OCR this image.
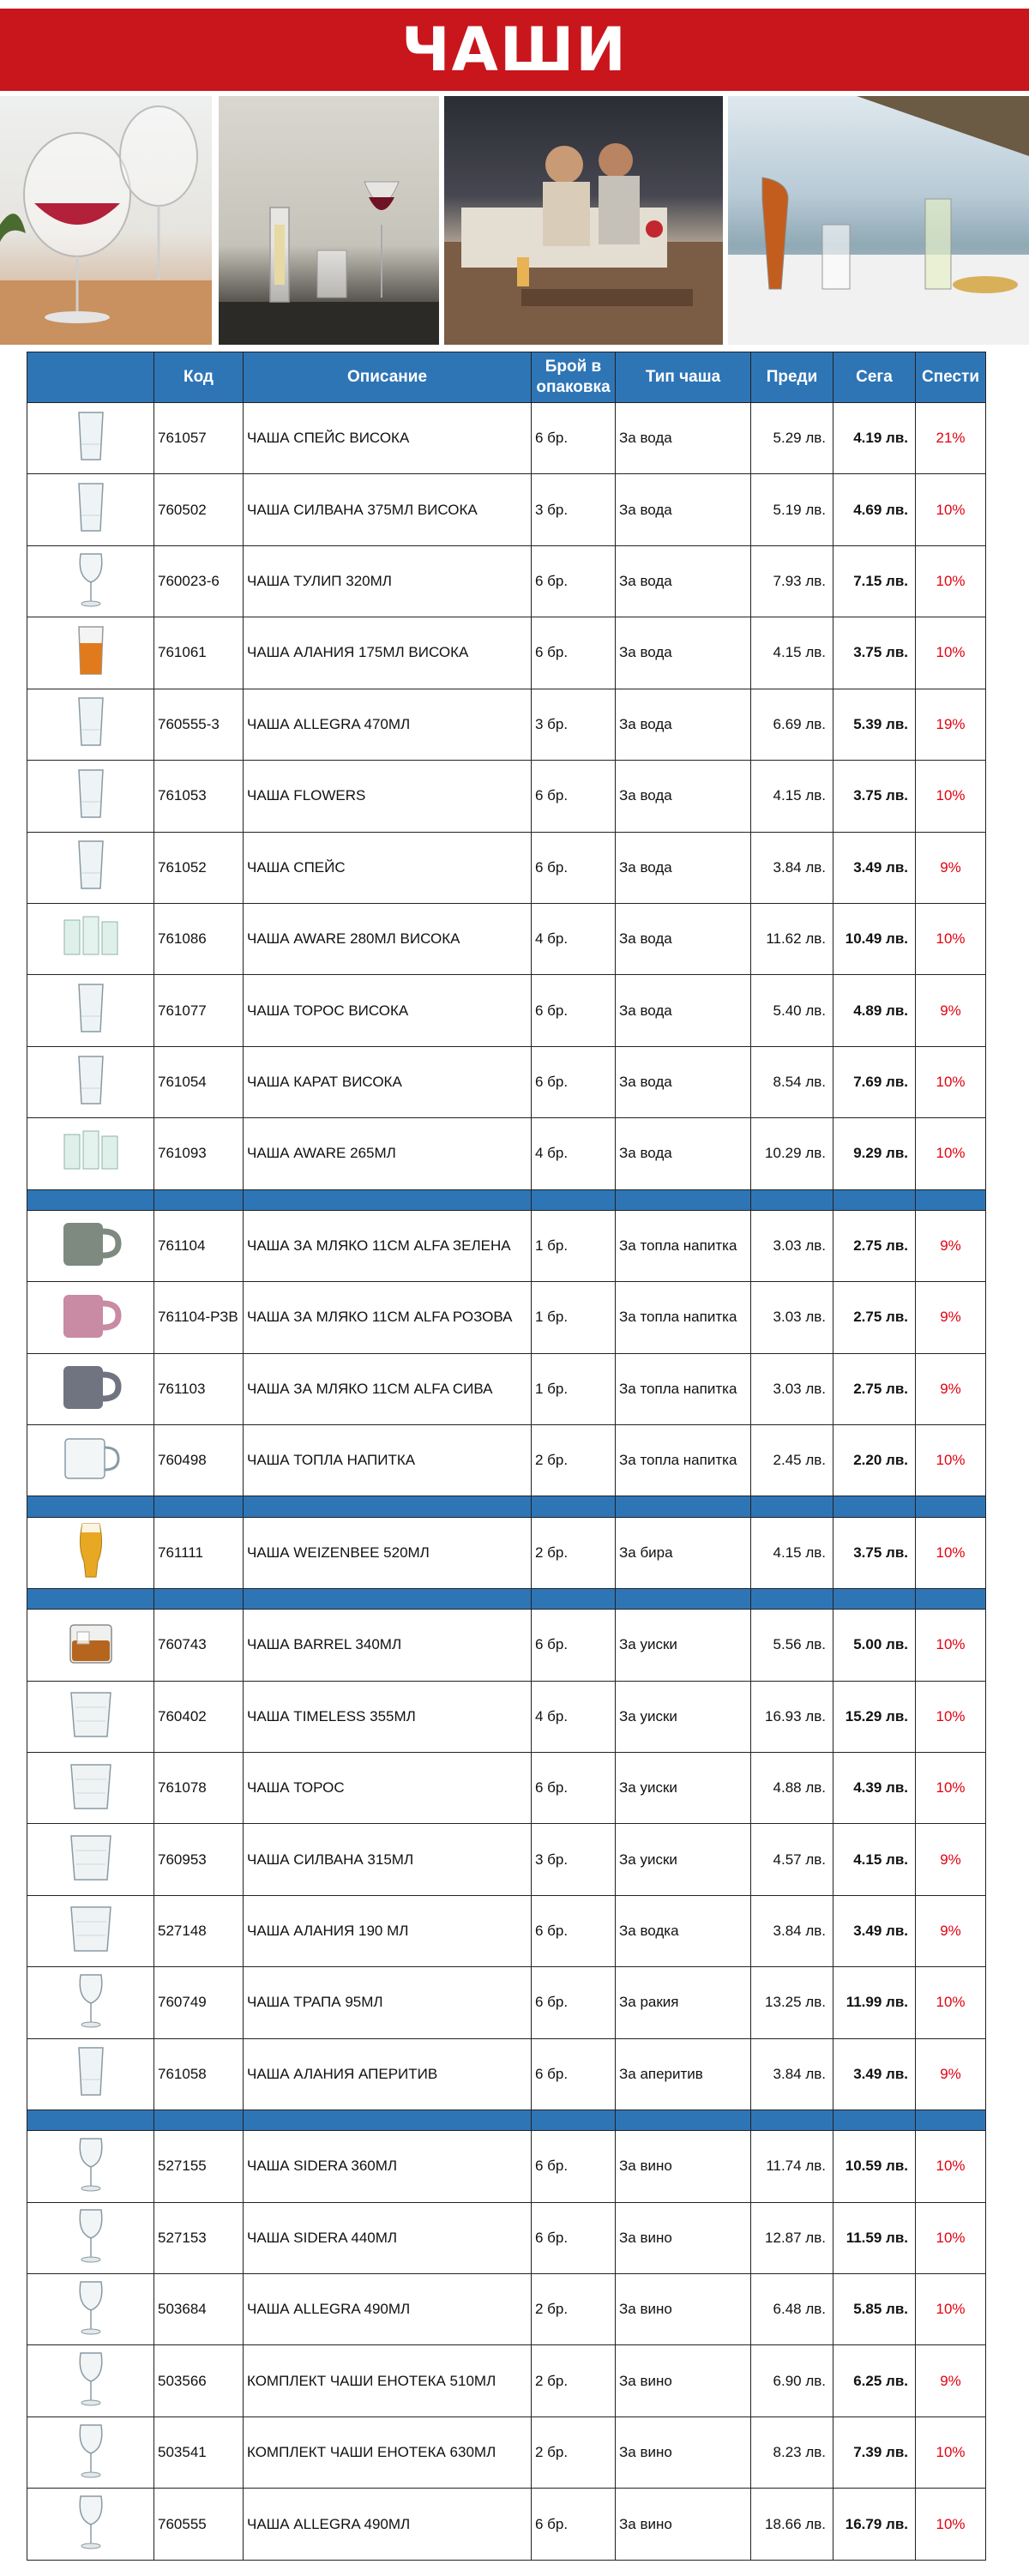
ЧАШИ
	Код	Описание	Брой в опаковка	Тип чаша	Преди	Сега	Спести
	761057	ЧАША СПЕЙС ВИСОКА	6 бр.	За вода	5.29 лв.	4.19 лв.	21%
	760502	ЧАША СИЛВАНА 375МЛ ВИСОКА	3 бр.	За вода	5.19 лв.	4.69 лв.	10%
	760023-6	ЧАША ТУЛИП 320МЛ	6 бр.	За вода	7.93 лв.	7.15 лв.	10%
	761061	ЧАША АЛАНИЯ 175МЛ ВИСОКА	6 бр.	За вода	4.15 лв.	3.75 лв.	10%
	760555-3	ЧАША ALLEGRA 470МЛ	3 бр.	За вода	6.69 лв.	5.39 лв.	19%
	761053	ЧАША FLOWERS	6 бр.	За вода	4.15 лв.	3.75 лв.	10%
	761052	ЧАША СПЕЙС	6 бр.	За вода	3.84 лв.	3.49 лв.	9%
	761086	ЧАША AWARE 280МЛ ВИСОКА	4 бр.	За вода	11.62 лв.	10.49 лв.	10%
	761077	ЧАША ТОРОС ВИСОКА	6 бр.	За вода	5.40 лв.	4.89 лв.	9%
	761054	ЧАША КАРАТ ВИСОКА	6 бр.	За вода	8.54 лв.	7.69 лв.	10%
	761093	ЧАША AWARE 265МЛ	4 бр.	За вода	10.29 лв.	9.29 лв.	10%

	761104	ЧАША ЗА МЛЯКО 11СМ ALFA ЗЕЛЕНА	1 бр.	За топла напитка	3.03 лв.	2.75 лв.	9%
	761104-РЗВ	ЧАША ЗА МЛЯКО 11СМ ALFA РОЗОВА	1 бр.	За топла напитка	3.03 лв.	2.75 лв.	9%
	761103	ЧАША ЗА МЛЯКО 11СМ ALFA СИВА	1 бр.	За топла напитка	3.03 лв.	2.75 лв.	9%
	760498	ЧАША ТОПЛА НАПИТКА	2 бр.	За топла напитка	2.45 лв.	2.20 лв.	10%

	761111	ЧАША WEIZENBEE 520МЛ	2 бр.	За бира	4.15 лв.	3.75 лв.	10%

	760743	ЧАША BARREL 340МЛ	6 бр.	За уиски	5.56 лв.	5.00 лв.	10%
	760402	ЧАША TIMELESS 355МЛ	4 бр.	За уиски	16.93 лв.	15.29 лв.	10%
	761078	ЧАША ТОРОС	6 бр.	За уиски	4.88 лв.	4.39 лв.	10%
	760953	ЧАША СИЛВАНА 315МЛ	3 бр.	За уиски	4.57 лв.	4.15 лв.	9%
	527148	ЧАША АЛАНИЯ 190 МЛ	6 бр.	За водка	3.84 лв.	3.49 лв.	9%
	760749	ЧАША ТРАПА 95МЛ	6 бр.	За ракия	13.25 лв.	11.99 лв.	10%
	761058	ЧАША АЛАНИЯ АПЕРИТИВ	6 бр.	За аперитив	3.84 лв.	3.49 лв.	9%

	527155	ЧАША SIDERA 360МЛ	6 бр.	За вино	11.74 лв.	10.59 лв.	10%
	527153	ЧАША SIDERA 440МЛ	6 бр.	За вино	12.87 лв.	11.59 лв.	10%
	503684	ЧАША ALLEGRA 490МЛ	2 бр.	За вино	6.48 лв.	5.85 лв.	10%
	503566	КОМПЛЕКТ ЧАШИ ЕНОТЕКА 510МЛ	2 бр.	За вино	6.90 лв.	6.25 лв.	9%
	503541	КОМПЛЕКТ ЧАШИ ЕНОТЕКА 630МЛ	2 бр.	За вино	8.23 лв.	7.39 лв.	10%
	760555	ЧАША ALLEGRA 490МЛ	6 бр.	За вино	18.66 лв.	16.79 лв.	10%
